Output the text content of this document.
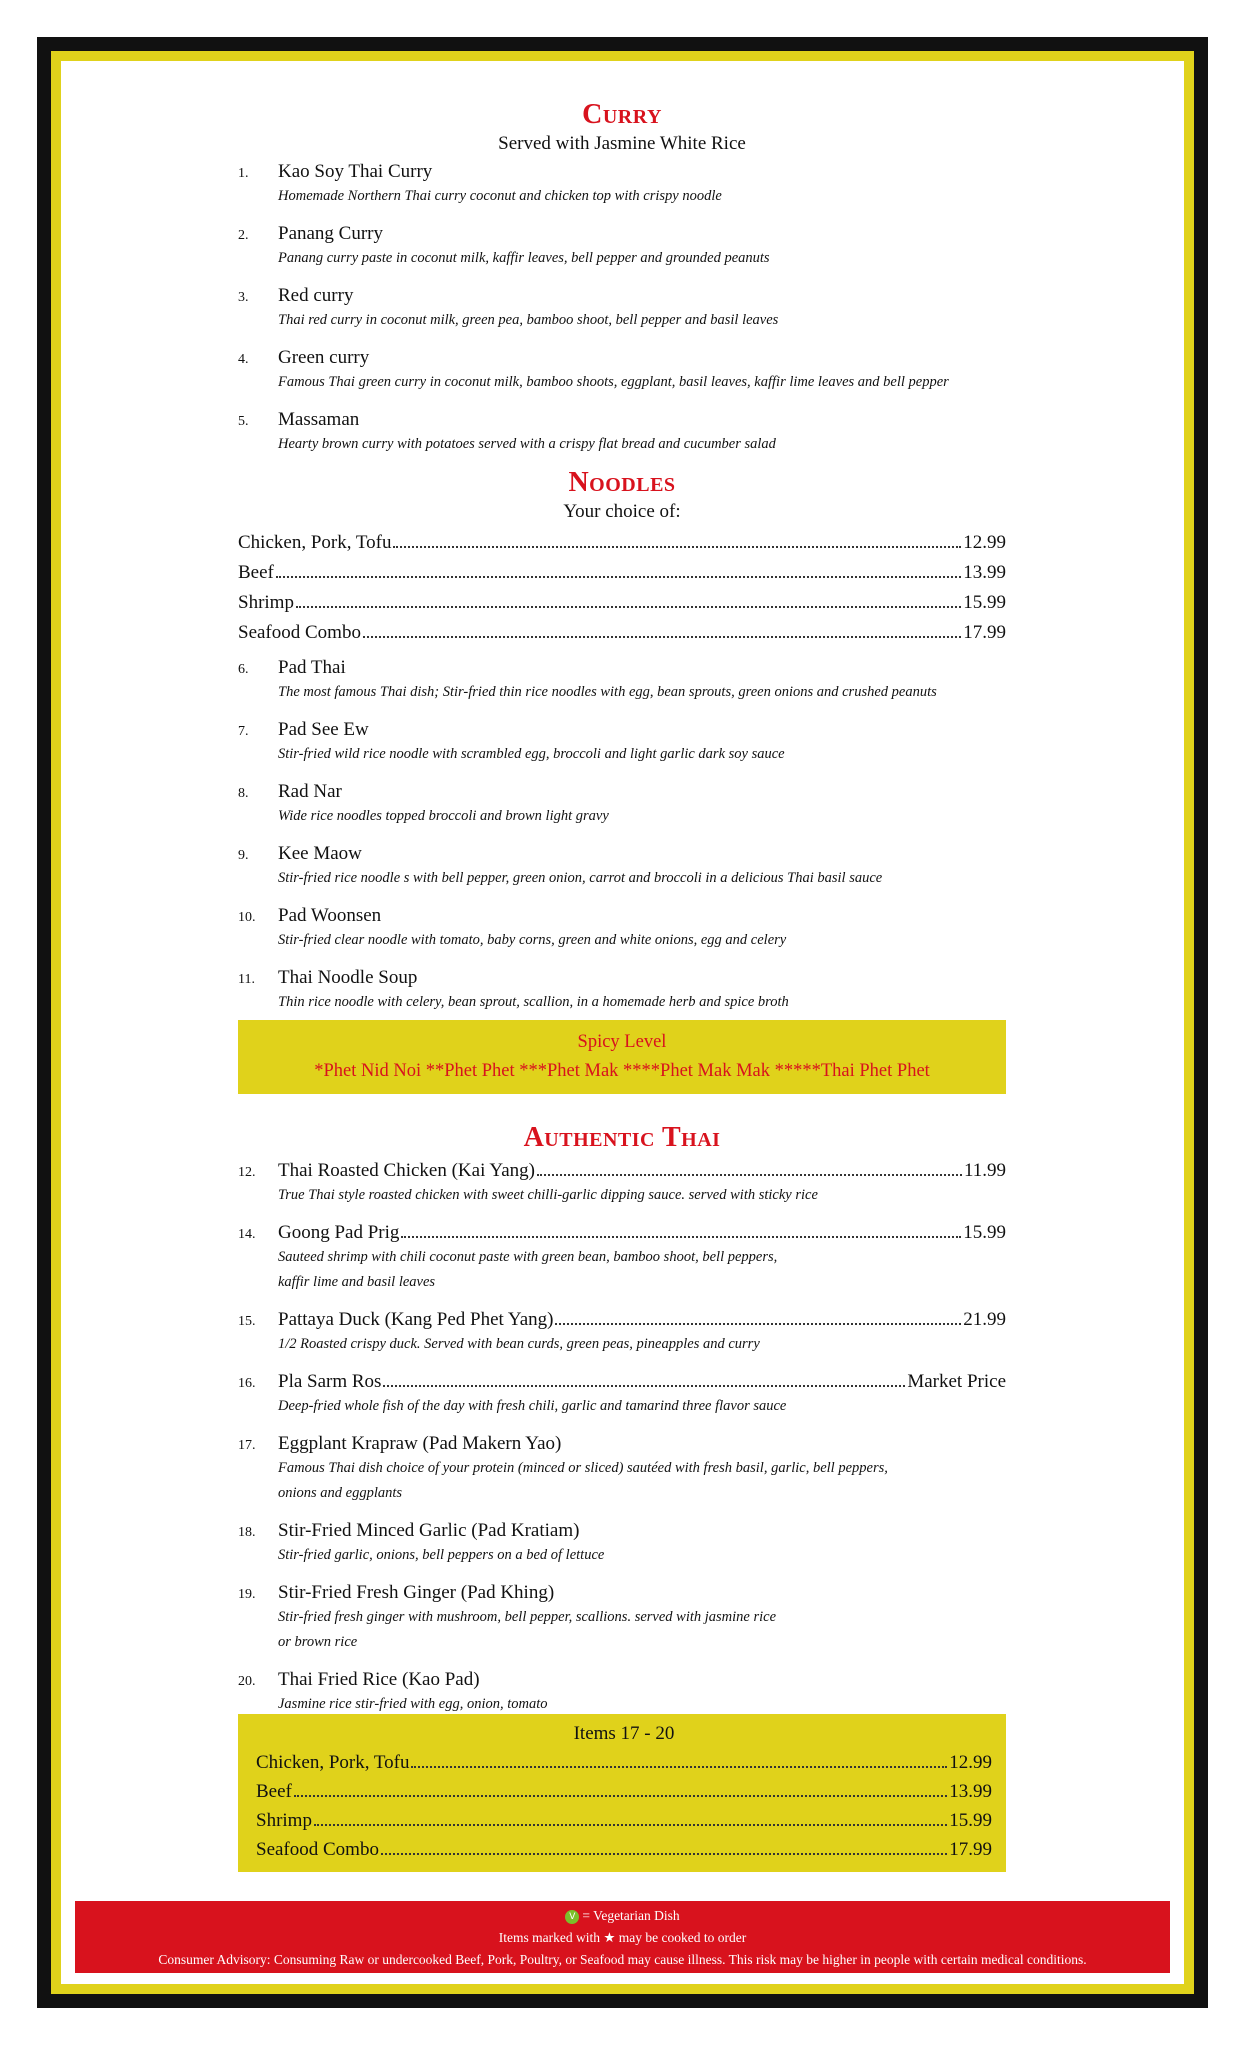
Curry
Served with Jasmine White Rice
1.	Kao Soy Thai Curry
Homemade Northern Thai curry coconut and chicken top with crispy noodle
2.	Panang Curry
Panang curry paste in coconut milk, kaffir leaves, bell pepper and grounded peanuts
3.	Red curry
Thai red curry in coconut milk, green pea, bamboo shoot, bell pepper and basil leaves
4.	Green curry
Famous Thai green curry in coconut milk, bamboo shoots, eggplant, basil leaves, kaffir lime leaves and bell pepper
5.	Massaman
Hearty brown curry with potatoes served with a crispy flat bread and cucumber salad
Noodles
Your choice of:
Chicken, Pork, Tofu	12.99
Beef	13.99
Shrimp	15.99
Seafood Combo	17.99
6.	Pad Thai
The most famous Thai dish; Stir-fried thin rice noodles with egg, bean sprouts, green onions and crushed peanuts
7.	Pad See Ew
Stir-fried wild rice noodle with scrambled egg, broccoli and light garlic dark soy sauce
8.	Rad Nar
Wide rice noodles topped broccoli and brown light gravy
9.	Kee Maow
Stir-fried rice noodle s with bell pepper, green onion, carrot and broccoli in a delicious Thai basil sauce
10.	Pad Woonsen
Stir-fried clear noodle with tomato, baby corns, green and white onions, egg and celery
11.	Thai Noodle Soup
Thin rice noodle with celery, bean sprout, scallion, in a homemade herb and spice broth
Spicy Level
*Phet Nid Noi **Phet Phet ***Phet Mak ****Phet Mak Mak *****Thai Phet Phet
Authentic Thai
12.	Thai Roasted Chicken (Kai Yang)	11.99
True Thai style roasted chicken with sweet chilli-garlic dipping sauce. served with sticky rice
14.	Goong Pad Prig	15.99
Sauteed shrimp with chili coconut paste with green bean, bamboo shoot, bell peppers,
kaffir lime and basil leaves
15.	Pattaya Duck (Kang Ped Phet Yang)	21.99
1/2 Roasted crispy duck. Served with bean curds, green peas, pineapples and curry
16.	Pla Sarm Ros	Market Price
Deep-fried whole fish of the day with fresh chili, garlic and tamarind three flavor sauce
17.	Eggplant Krapraw (Pad Makern Yao)
Famous Thai dish choice of your protein (minced or sliced) sautéed with fresh basil, garlic, bell peppers,
onions and eggplants
18.	Stir-Fried Minced Garlic (Pad Kratiam)
Stir-fried garlic, onions, bell peppers on a bed of lettuce
19.	Stir-Fried Fresh Ginger (Pad Khing)
Stir-fried fresh ginger with mushroom, bell pepper, scallions. served with jasmine rice
or brown rice
20.	Thai Fried Rice (Kao Pad)
Jasmine rice stir-fried with egg, onion, tomato
Items 17 - 20
Chicken, Pork, Tofu	12.99
Beef	13.99
Shrimp	15.99
Seafood Combo	17.99
V = Vegetarian Dish
Items marked with ★ may be cooked to order
Consumer Advisory: Consuming Raw or undercooked Beef, Pork, Poultry, or Seafood may cause illness. This risk may be higher in people with certain medical conditions.
